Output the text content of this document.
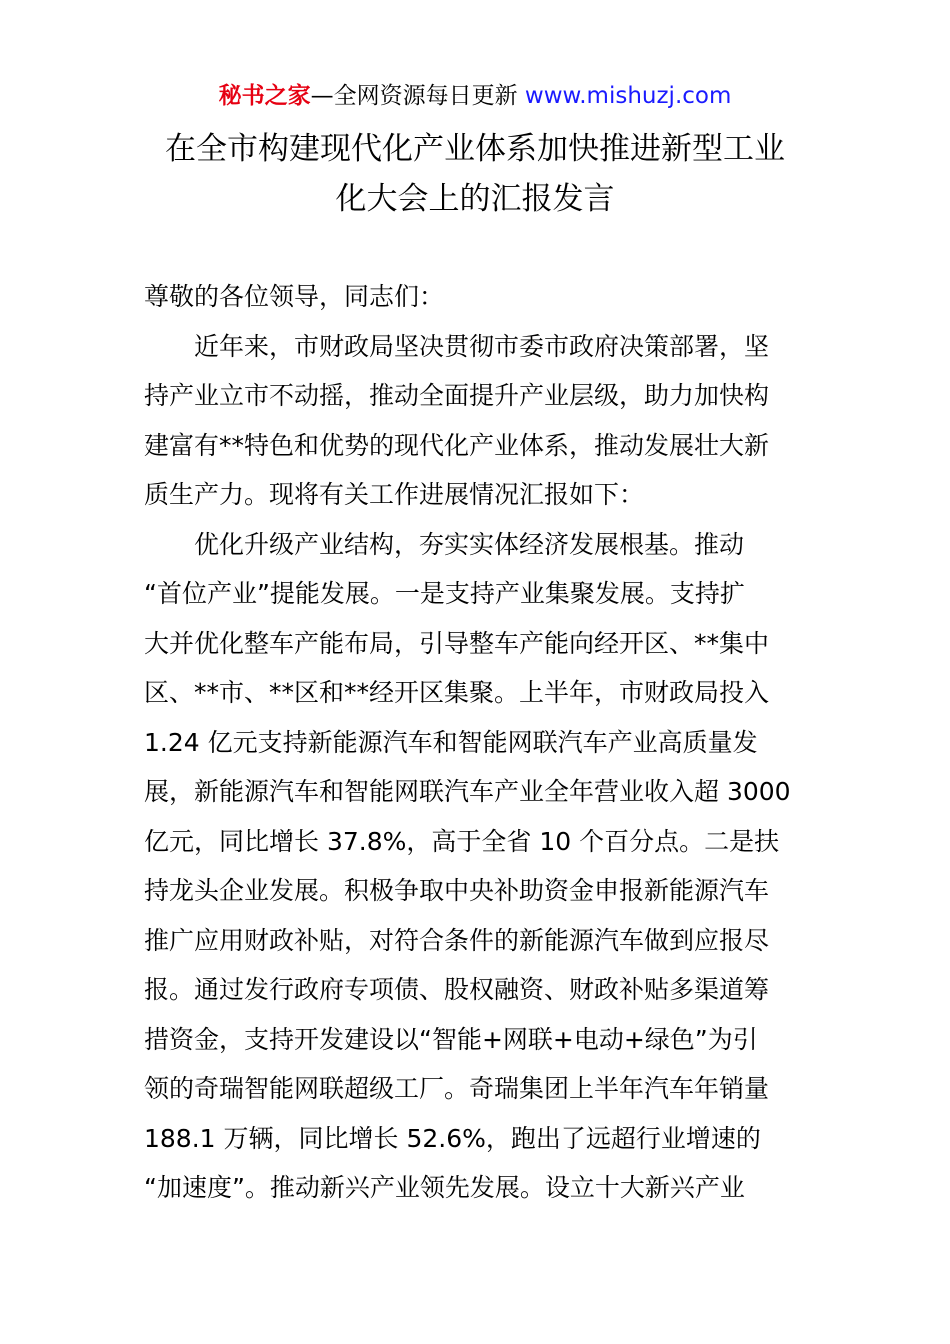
秘书之家—全网资源每日更新 www.mishuzj.com
在全市构建现代化产业体系加快推进新型工业
化大会上的汇报发言
尊敬的各位领导，同志们：
近年来，市财政局坚决贯彻市委市政府决策部署，坚
持产业立市不动摇，推动全面提升产业层级，助力加快构
建富有**特色和优势的现代化产业体系，推动发展壮大新
质生产力。现将有关工作进展情况汇报如下：
优化升级产业结构，夯实实体经济发展根基。推动
“首位产业”提能发展。一是支持产业集聚发展。支持扩
大并优化整车产能布局，引导整车产能向经开区、**集中
区、**市、**区和**经开区集聚。上半年，市财政局投入
1.24 亿元支持新能源汽车和智能网联汽车产业高质量发
展，新能源汽车和智能网联汽车产业全年营业收入超 3000
亿元，同比增长 37.8%，高于全省 10 个百分点。二是扶
持龙头企业发展。积极争取中央补助资金申报新能源汽车
推广应用财政补贴，对符合条件的新能源汽车做到应报尽
报。通过发行政府专项债、股权融资、财政补贴多渠道筹
措资金，支持开发建设以“智能+网联+电动+绿色”为引
领的奇瑞智能网联超级工厂。奇瑞集团上半年汽车年销量
188.1 万辆，同比增长 52.6%，跑出了远超行业增速的
“加速度”。推动新兴产业领先发展。设立十大新兴产业
